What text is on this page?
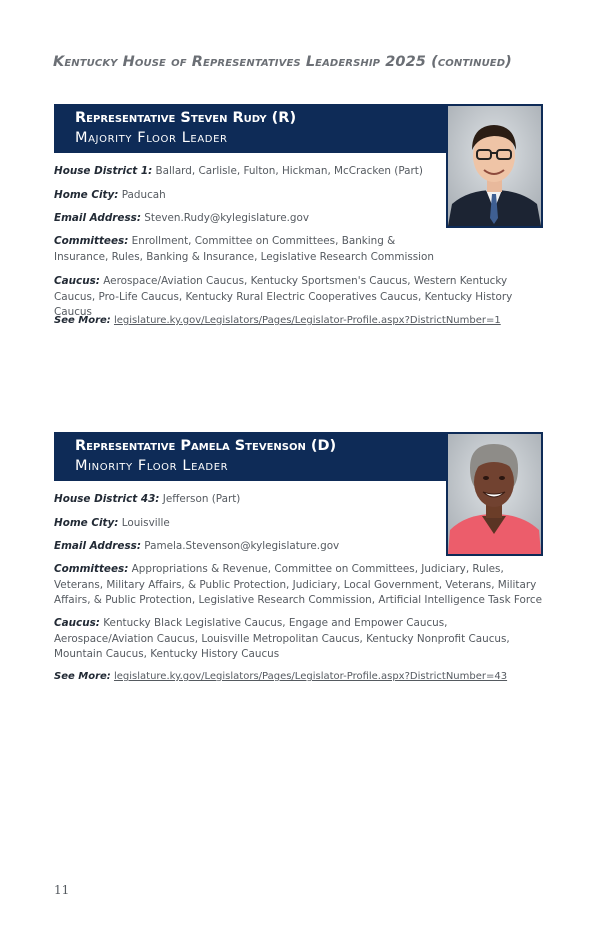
Kentucky House of Representatives Leadership 2025 (continued)
Representative Steven Rudy (R)
Majority Floor Leader
House District 1: Ballard, Carlisle, Fulton, Hickman, McCracken (Part)
Home City: Paducah
Email Address: Steven.Rudy@kylegislature.gov
Committees: Enrollment, Committee on Committees, Banking & Insurance, Rules, Banking & Insurance, Legislative Research Commission
Caucus: Aerospace/Aviation Caucus, Kentucky Sportsmen's Caucus, Western Kentucky Caucus, Pro-Life Caucus, Kentucky Rural Electric Cooperatives Caucus, Kentucky History Caucus
See More: legislature.ky.gov/Legislators/Pages/Legislator-Profile.aspx?DistrictNumber=1
Representative Pamela Stevenson (D)
Minority Floor Leader
House District 43: Jefferson (Part)
Home City: Louisville
Email Address: Pamela.Stevenson@kylegislature.gov
Committees: Appropriations & Revenue, Committee on Committees, Judiciary, Rules, Veterans, Military Affairs, & Public Protection, Judiciary, Local Government, Veterans, Military Affairs, & Public Protection, Legislative Research Commission, Artificial Intelligence Task Force
Caucus: Kentucky Black Legislative Caucus, Engage and Empower Caucus, Aerospace/Aviation Caucus, Louisville Metropolitan Caucus, Kentucky Nonprofit Caucus, Mountain Caucus, Kentucky History Caucus
See More: legislature.ky.gov/Legislators/Pages/Legislator-Profile.aspx?DistrictNumber=43
11
